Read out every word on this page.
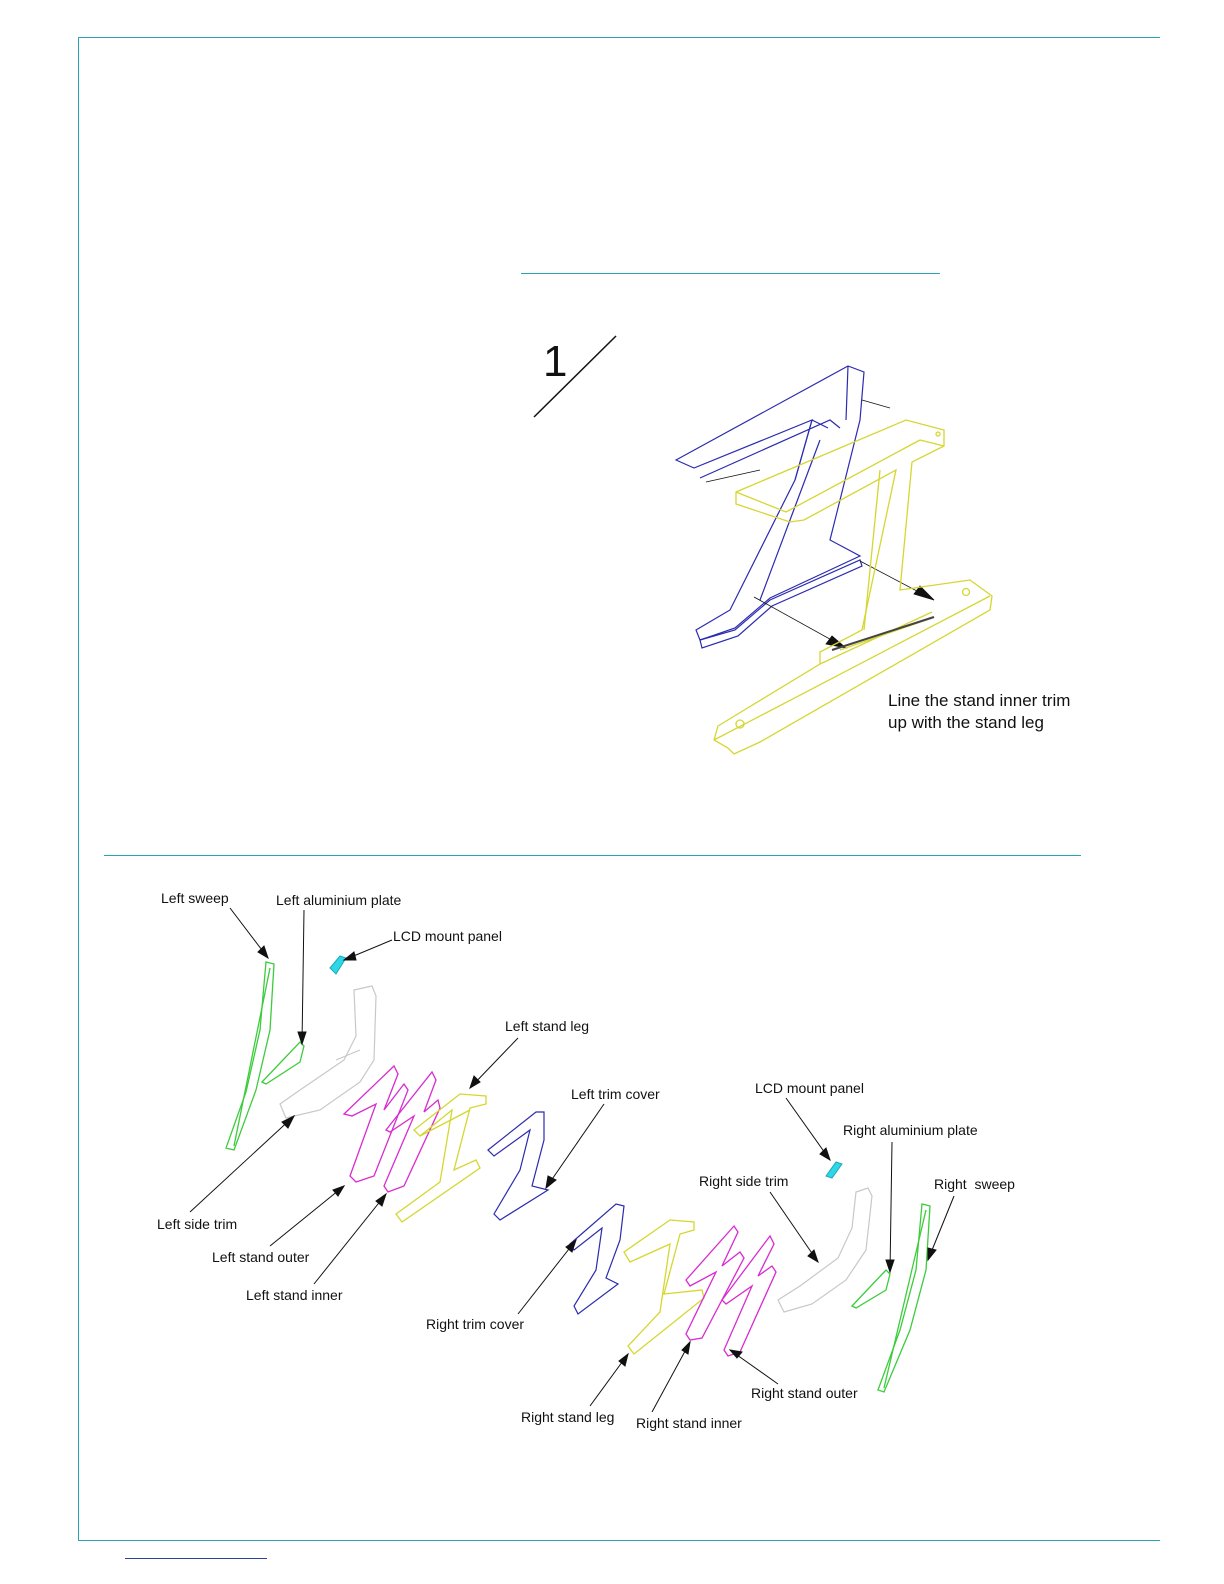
1
Line the stand inner trim
up with the stand leg
Left sweep	Left aluminium plate
LCD mount panel
Left stand leg
Left trim cover	LCD mount panel
Right aluminium plate
Right side trim	Right  sweep
Left side trim
Left stand outer
Left stand inner
Right trim cover
Right stand outer
Right stand leg Right stand inner
